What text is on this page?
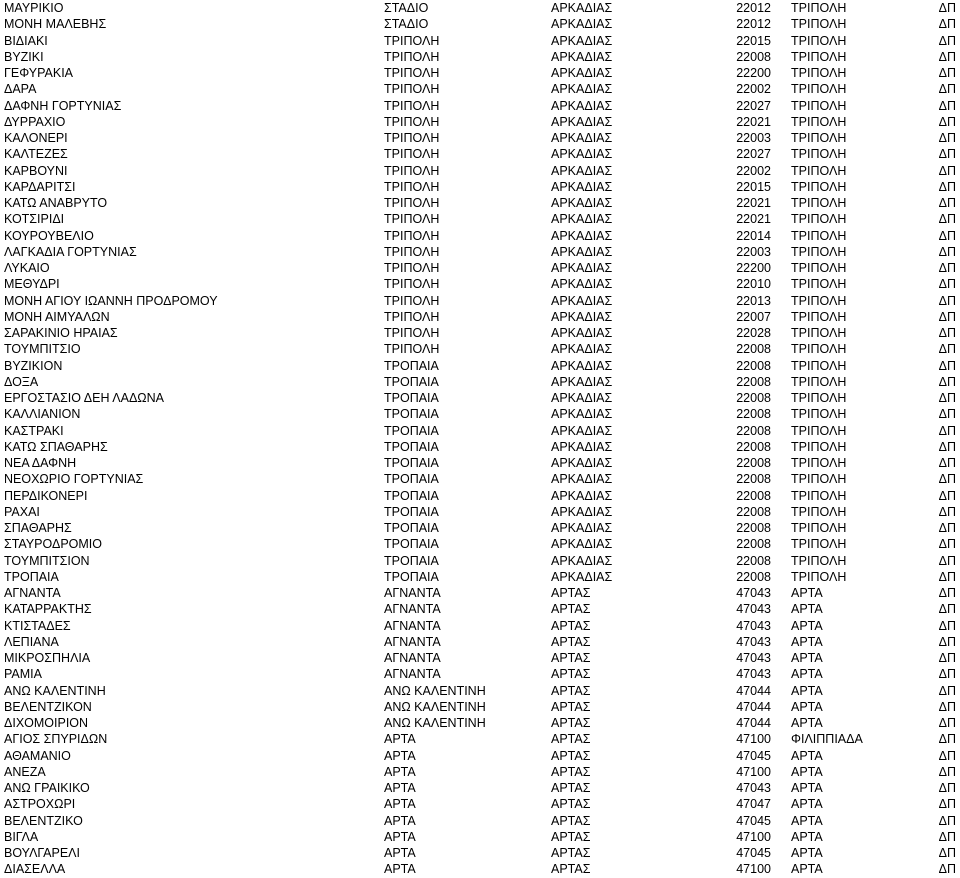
ΜΑΥΡΙΚΙΟ	ΣΤΑΔΙΟ	ΑΡΚΑΔΙΑΣ	22012 ΤΡΙΠΟΛΗ	ΔΠ
ΜΟΝΗ ΜΑΛΕΒΗΣ	ΣΤΑΔΙΟ	ΑΡΚΑΔΙΑΣ	22012 ΤΡΙΠΟΛΗ	ΔΠ
ΒΙΔΙΑΚΙ	ΤΡΙΠΟΛΗ	ΑΡΚΑΔΙΑΣ	22015 ΤΡΙΠΟΛΗ	ΔΠ
ΒΥΖΙΚΙ	ΤΡΙΠΟΛΗ	ΑΡΚΑΔΙΑΣ	22008 ΤΡΙΠΟΛΗ	ΔΠ
ΓΕΦΥΡΑΚΙΑ	ΤΡΙΠΟΛΗ	ΑΡΚΑΔΙΑΣ	22200 ΤΡΙΠΟΛΗ	ΔΠ
ΔΑΡΑ	ΤΡΙΠΟΛΗ	ΑΡΚΑΔΙΑΣ	22002 ΤΡΙΠΟΛΗ	ΔΠ
ΔΑΦΝΗ ΓΟΡΤΥΝΙΑΣ	ΤΡΙΠΟΛΗ	ΑΡΚΑΔΙΑΣ	22027 ΤΡΙΠΟΛΗ	ΔΠ
ΔΥΡΡΑΧΙΟ	ΤΡΙΠΟΛΗ	ΑΡΚΑΔΙΑΣ	22021 ΤΡΙΠΟΛΗ	ΔΠ
ΚΑΛΟΝΕΡΙ	ΤΡΙΠΟΛΗ	ΑΡΚΑΔΙΑΣ	22003 ΤΡΙΠΟΛΗ	ΔΠ
ΚΑΛΤΕΖΕΣ	ΤΡΙΠΟΛΗ	ΑΡΚΑΔΙΑΣ	22027 ΤΡΙΠΟΛΗ	ΔΠ
ΚΑΡΒΟΥΝΙ	ΤΡΙΠΟΛΗ	ΑΡΚΑΔΙΑΣ	22002 ΤΡΙΠΟΛΗ	ΔΠ
ΚΑΡΔΑΡΙΤΣΙ	ΤΡΙΠΟΛΗ	ΑΡΚΑΔΙΑΣ	22015 ΤΡΙΠΟΛΗ	ΔΠ
ΚΑΤΩ ΑΝΑΒΡΥΤΟ	ΤΡΙΠΟΛΗ	ΑΡΚΑΔΙΑΣ	22021 ΤΡΙΠΟΛΗ	ΔΠ
ΚΟΤΣΙΡΙΔΙ	ΤΡΙΠΟΛΗ	ΑΡΚΑΔΙΑΣ	22021 ΤΡΙΠΟΛΗ	ΔΠ
ΚΟΥΡΟΥΒΕΛΙΟ	ΤΡΙΠΟΛΗ	ΑΡΚΑΔΙΑΣ	22014 ΤΡΙΠΟΛΗ	ΔΠ
ΛΑΓΚΑΔΙΑ ΓΟΡΤΥΝΙΑΣ	ΤΡΙΠΟΛΗ	ΑΡΚΑΔΙΑΣ	22003 ΤΡΙΠΟΛΗ	ΔΠ
ΛΥΚΑΙΟ	ΤΡΙΠΟΛΗ	ΑΡΚΑΔΙΑΣ	22200 ΤΡΙΠΟΛΗ	ΔΠ
ΜΕΘΥΔΡΙ	ΤΡΙΠΟΛΗ	ΑΡΚΑΔΙΑΣ	22010 ΤΡΙΠΟΛΗ	ΔΠ
ΜΟΝΗ ΑΓΙΟΥ ΙΩΑΝΝΗ ΠΡΟΔΡΟΜΟΥ	ΤΡΙΠΟΛΗ	ΑΡΚΑΔΙΑΣ	22013 ΤΡΙΠΟΛΗ	ΔΠ
ΜΟΝΗ ΑΙΜΥΑΛΩΝ	ΤΡΙΠΟΛΗ	ΑΡΚΑΔΙΑΣ	22007 ΤΡΙΠΟΛΗ	ΔΠ
ΣΑΡΑΚΙΝΙΟ ΗΡΑΙΑΣ	ΤΡΙΠΟΛΗ	ΑΡΚΑΔΙΑΣ	22028 ΤΡΙΠΟΛΗ	ΔΠ
ΤΟΥΜΠΙΤΣΙΟ	ΤΡΙΠΟΛΗ	ΑΡΚΑΔΙΑΣ	22008 ΤΡΙΠΟΛΗ	ΔΠ
ΒΥΖΙΚΙΟΝ	ΤΡΟΠΑΙΑ	ΑΡΚΑΔΙΑΣ	22008 ΤΡΙΠΟΛΗ	ΔΠ
ΔΟΞΑ	ΤΡΟΠΑΙΑ	ΑΡΚΑΔΙΑΣ	22008 ΤΡΙΠΟΛΗ	ΔΠ
ΕΡΓΟΣΤΑΣΙΟ ΔΕΗ ΛΑΔΩΝΑ	ΤΡΟΠΑΙΑ	ΑΡΚΑΔΙΑΣ	22008 ΤΡΙΠΟΛΗ	ΔΠ
ΚΑΛΛΙΑΝΙΟΝ	ΤΡΟΠΑΙΑ	ΑΡΚΑΔΙΑΣ	22008 ΤΡΙΠΟΛΗ	ΔΠ
ΚΑΣΤΡΑΚΙ	ΤΡΟΠΑΙΑ	ΑΡΚΑΔΙΑΣ	22008 ΤΡΙΠΟΛΗ	ΔΠ
ΚΑΤΩ ΣΠΑΘΑΡΗΣ	ΤΡΟΠΑΙΑ	ΑΡΚΑΔΙΑΣ	22008 ΤΡΙΠΟΛΗ	ΔΠ
ΝΕΑ ΔΑΦΝΗ	ΤΡΟΠΑΙΑ	ΑΡΚΑΔΙΑΣ	22008 ΤΡΙΠΟΛΗ	ΔΠ
ΝΕΟΧΩΡΙΟ ΓΟΡΤΥΝΙΑΣ	ΤΡΟΠΑΙΑ	ΑΡΚΑΔΙΑΣ	22008 ΤΡΙΠΟΛΗ	ΔΠ
ΠΕΡΔΙΚΟΝΕΡΙ	ΤΡΟΠΑΙΑ	ΑΡΚΑΔΙΑΣ	22008 ΤΡΙΠΟΛΗ	ΔΠ
ΡΑΧΑΙ	ΤΡΟΠΑΙΑ	ΑΡΚΑΔΙΑΣ	22008 ΤΡΙΠΟΛΗ	ΔΠ
ΣΠΑΘΑΡΗΣ	ΤΡΟΠΑΙΑ	ΑΡΚΑΔΙΑΣ	22008 ΤΡΙΠΟΛΗ	ΔΠ
ΣΤΑΥΡΟΔΡΟΜΙΟ	ΤΡΟΠΑΙΑ	ΑΡΚΑΔΙΑΣ	22008 ΤΡΙΠΟΛΗ	ΔΠ
ΤΟΥΜΠΙΤΣΙΟΝ	ΤΡΟΠΑΙΑ	ΑΡΚΑΔΙΑΣ	22008 ΤΡΙΠΟΛΗ	ΔΠ
ΤΡΟΠΑΙΑ	ΤΡΟΠΑΙΑ	ΑΡΚΑΔΙΑΣ	22008 ΤΡΙΠΟΛΗ	ΔΠ
ΑΓΝΑΝΤΑ	ΑΓΝΑΝΤΑ	ΑΡΤΑΣ	47043 ΑΡΤΑ	ΔΠ
ΚΑΤΑΡΡΑΚΤΗΣ	ΑΓΝΑΝΤΑ	ΑΡΤΑΣ	47043 ΑΡΤΑ	ΔΠ
ΚΤΙΣΤΑΔΕΣ	ΑΓΝΑΝΤΑ	ΑΡΤΑΣ	47043 ΑΡΤΑ	ΔΠ
ΛΕΠΙΑΝΑ	ΑΓΝΑΝΤΑ	ΑΡΤΑΣ	47043 ΑΡΤΑ	ΔΠ
ΜΙΚΡΟΣΠΗΛΙΑ	ΑΓΝΑΝΤΑ	ΑΡΤΑΣ	47043 ΑΡΤΑ	ΔΠ
ΡΑΜΙΑ	ΑΓΝΑΝΤΑ	ΑΡΤΑΣ	47043 ΑΡΤΑ	ΔΠ
ΑΝΩ ΚΑΛΕΝΤΙΝΗ	ΑΝΩ ΚΑΛΕΝΤΙΝΗ	ΑΡΤΑΣ	47044 ΑΡΤΑ	ΔΠ
ΒΕΛΕΝΤΖΙΚΟΝ	ΑΝΩ ΚΑΛΕΝΤΙΝΗ	ΑΡΤΑΣ	47044 ΑΡΤΑ	ΔΠ
ΔΙΧΟΜΟΙΡΙΟΝ	ΑΝΩ ΚΑΛΕΝΤΙΝΗ	ΑΡΤΑΣ	47044 ΑΡΤΑ	ΔΠ
ΑΓΙΟΣ ΣΠΥΡΙΔΩΝ	ΑΡΤΑ	ΑΡΤΑΣ	47100 ΦΙΛΙΠΠΙΑΔΑ	ΔΠ
ΑΘΑΜΑΝΙΟ	ΑΡΤΑ	ΑΡΤΑΣ	47045 ΑΡΤΑ	ΔΠ
ΑΝΕΖΑ	ΑΡΤΑ	ΑΡΤΑΣ	47100 ΑΡΤΑ	ΔΠ
ΑΝΩ ΓΡΑΙΚΙΚΟ	ΑΡΤΑ	ΑΡΤΑΣ	47043 ΑΡΤΑ	ΔΠ
ΑΣΤΡΟΧΩΡΙ	ΑΡΤΑ	ΑΡΤΑΣ	47047 ΑΡΤΑ	ΔΠ
ΒΕΛΕΝΤΖΙΚΟ	ΑΡΤΑ	ΑΡΤΑΣ	47045 ΑΡΤΑ	ΔΠ
ΒΙΓΛΑ	ΑΡΤΑ	ΑΡΤΑΣ	47100 ΑΡΤΑ	ΔΠ
ΒΟΥΛΓΑΡΕΛΙ	ΑΡΤΑ	ΑΡΤΑΣ	47045 ΑΡΤΑ	ΔΠ
ΔΙΑΣΕΛΛΑ	ΑΡΤΑ	ΑΡΤΑΣ	47100 ΑΡΤΑ	ΔΠ
